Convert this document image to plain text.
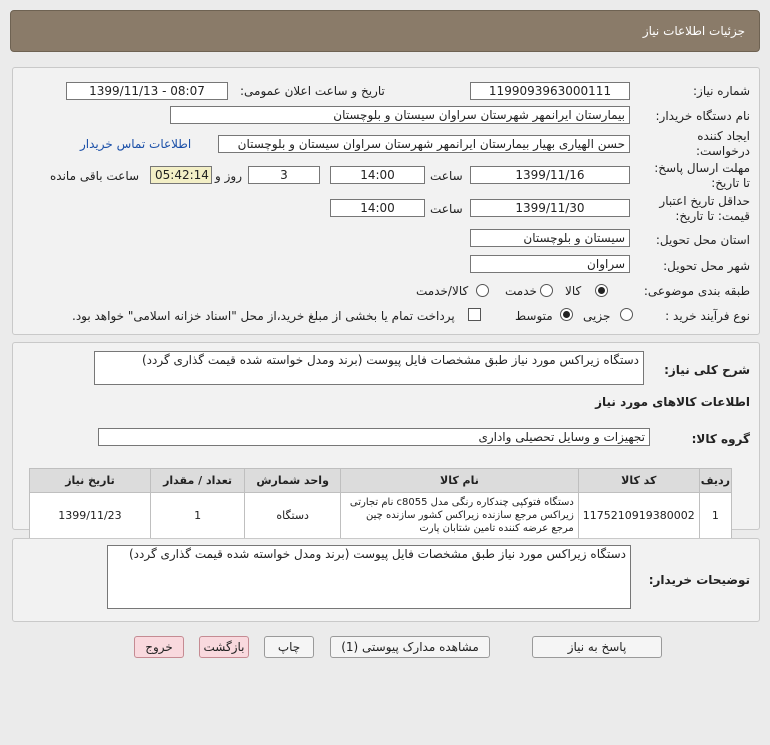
جزئیات اطلاعات نیاز
شماره نیاز:
1199093963000111
تاریخ و ساعت اعلان عمومی:
1399/11/13 - 08:07
نام دستگاه خریدار:
بیمارستان ایرانمهر شهرستان سراوان سیستان و بلوچستان
ایجاد کننده درخواست:
حسن الهیاری بهیار بیمارستان ایرانمهر شهرستان سراوان سیستان و بلوچستان
اطلاعات تماس خریدار
مهلت ارسال پاسخ: تا تاریخ:
1399/11/16
ساعت
14:00
3
روز و
05:42:14
ساعت باقی مانده
حداقل تاریخ اعتبار قیمت: تا تاریخ:
1399/11/30
ساعت
14:00
استان محل تحویل:
سیستان و بلوچستان
شهر محل تحویل:
سراوان
طبقه بندی موضوعی:
کالا
خدمت
کالا/خدمت
نوع فرآیند خرید :
جزیی
متوسط
پرداخت تمام یا بخشی از مبلغ خرید،از محل "اسناد خزانه اسلامی" خواهد بود.
شرح کلی نیاز:
دستگاه زیراکس مورد نیاز طبق مشخصات فایل پیوست (برند ومدل خواسته شده قیمت گذاری گردد)
اطلاعات کالاهای مورد نیاز
گروه کالا:
تجهیزات و وسایل تحصیلی واداری
ردیف	کد کالا	نام کالا	واحد شمارش	تعداد / مقدار	تاریخ نیاز
1	1175210919380002	دستگاه فتوکپی چندکاره رنگی مدل c8055 نام تجارتی زیراکس مرجع سازنده زیراکس کشور سازنده چین مرجع عرضه کننده تامین شتابان پارت	دستگاه	1	1399/11/23
توضیحات خریدار:
دستگاه زیراکس مورد نیاز طبق مشخصات فایل پیوست (برند ومدل خواسته شده قیمت گذاری گردد)
پاسخ به نیاز
مشاهده مدارک پیوستی (1)
چاپ
بازگشت
خروج
